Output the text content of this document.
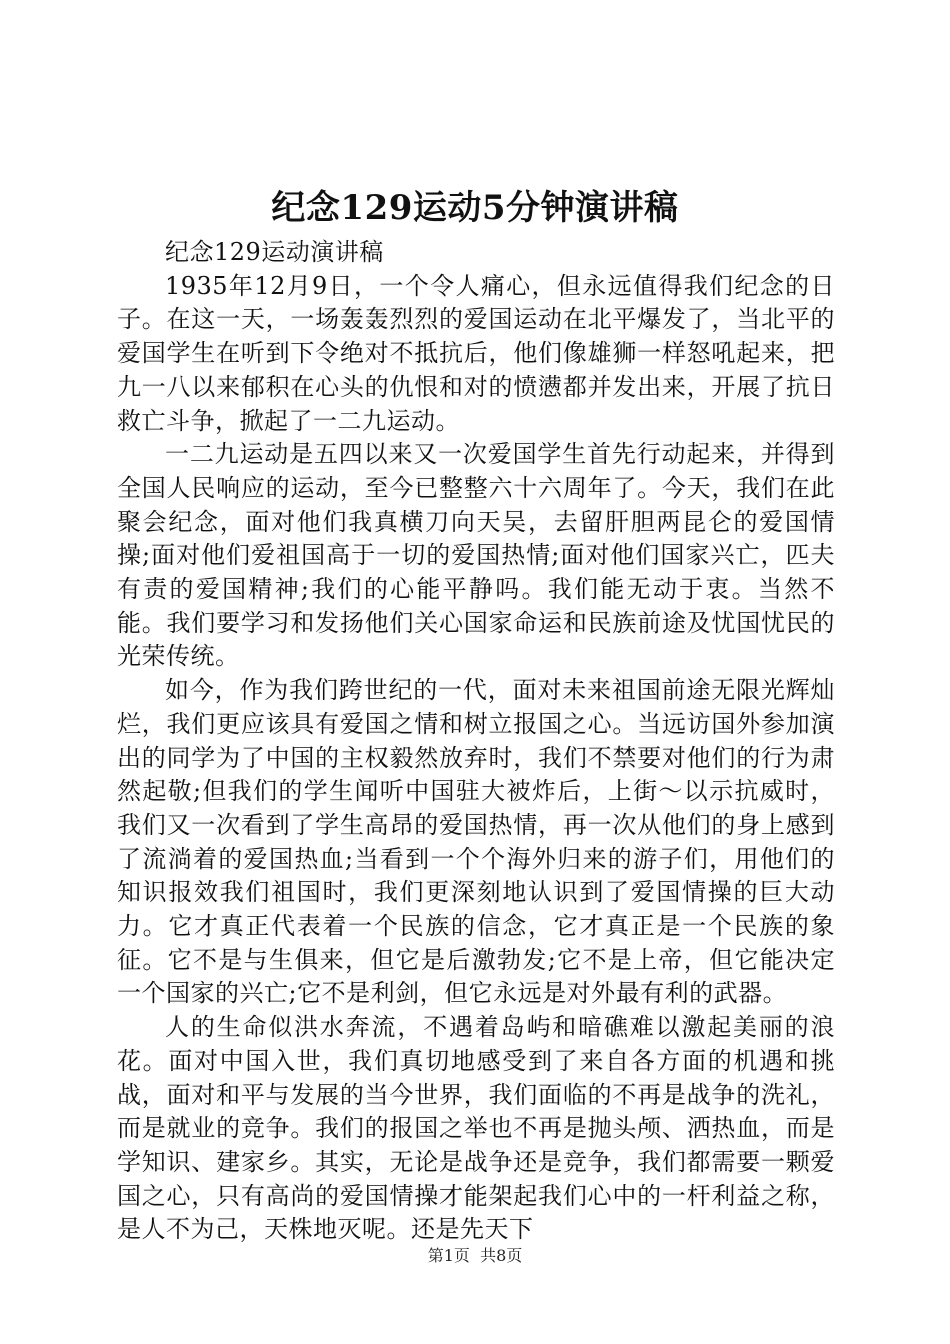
纪念129运动5分钟演讲稿

纪念129运动演讲稿

1935年12月9日，一个令人痛心，但永远值得我们纪念的日子。在这一天，一场轰轰烈烈的爱国运动在北平爆发了，当北平的爱国学生在听到下令绝对不抵抗后，他们像雄狮一样怒吼起来，把九一八以来郁积在心头的仇恨和对的愤懑都并发出来，开展了抗日救亡斗争，掀起了一二九运动。

一二九运动是五四以来又一次爱国学生首先行动起来，并得到全国人民响应的运动，至今已整整六十六周年了。今天，我们在此聚会纪念，面对他们我真横刀向天吴，去留肝胆两昆仑的爱国情操;面对他们爱祖国高于一切的爱国热情;面对他们国家兴亡，匹夫有责的爱国精神;我们的心能平静吗。我们能无动于衷。当然不能。我们要学习和发扬他们关心国家命运和民族前途及忧国忧民的光荣传统。

如今，作为我们跨世纪的一代，面对未来祖国前途无限光辉灿烂，我们更应该具有爱国之情和树立报国之心。当远访国外参加演出的同学为了中国的主权毅然放弃时，我们不禁要对他们的行为肃然起敬;但我们的学生闻听中国驻大被炸后，上街～以示抗威时，我们又一次看到了学生高昂的爱国热情，再一次从他们的身上感到了流淌着的爱国热血;当看到一个个海外归来的游子们，用他们的知识报效我们祖国时，我们更深刻地认识到了爱国情操的巨大动力。它才真正代表着一个民族的信念，它才真正是一个民族的象征。它不是与生俱来，但它是后激勃发;它不是上帝，但它能决定一个国家的兴亡;它不是利剑，但它永远是对外最有利的武器。

人的生命似洪水奔流，不遇着岛屿和暗礁难以激起美丽的浪花。面对中国入世，我们真切地感受到了来自各方面的机遇和挑战，面对和平与发展的当今世界，我们面临的不再是战争的洗礼，而是就业的竞争。我们的报国之举也不再是抛头颅、洒热血，而是学知识、建家乡。其实，无论是战争还是竞争，我们都需要一颗爱国之心，只有高尚的爱国情操才能架起我们心中的一杆利益之称，是人不为己，天株地灭呢。还是先天下

第1页 共8页
